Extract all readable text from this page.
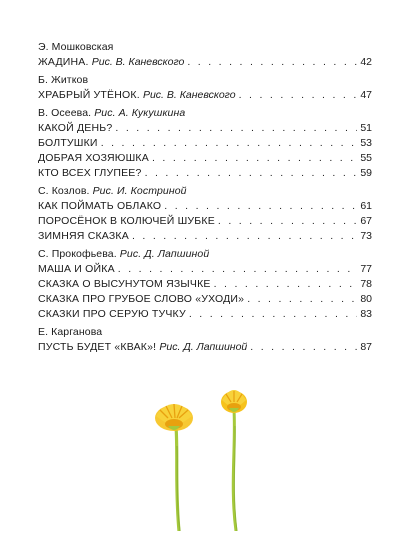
Э. Мошковская
ЖАДИНА. Рис. В. Каневского . . .	42
Б. Житков
ХРАБРЫЙ УТЁНОК. Рис. В. Каневского . . .	47
В. Осеева. Рис. А. Кукушкина
КАКОЙ ДЕНЬ? . . .	51
БОЛТУШКИ . . .	53
ДОБРАЯ ХОЗЯЮШКА . . .	55
КТО ВСЕХ ГЛУПЕЕ? . . .	59
С. Козлов. Рис. И. Костриной
КАК ПОЙМАТЬ ОБЛАКО . . .	61
ПОРОСЁНОК В КОЛЮЧЕЙ ШУБКЕ . . .	67
ЗИМНЯЯ СКАЗКА . . .	73
С. Прокофьева. Рис. Д. Лапшиной
МАША И ОЙКА . . .	77
СКАЗКА О ВЫСУНУТОМ ЯЗЫЧКЕ . . .	78
СКАЗКА ПРО ГРУБОЕ СЛОВО «УХОДИ» . . .	80
СКАЗКИ ПРО СЕРУЮ ТУЧКУ . . .	83
Е. Карганова
ПУСТЬ БУДЕТ «КВАК»! Рис. Д. Лапшиной . . .	87
